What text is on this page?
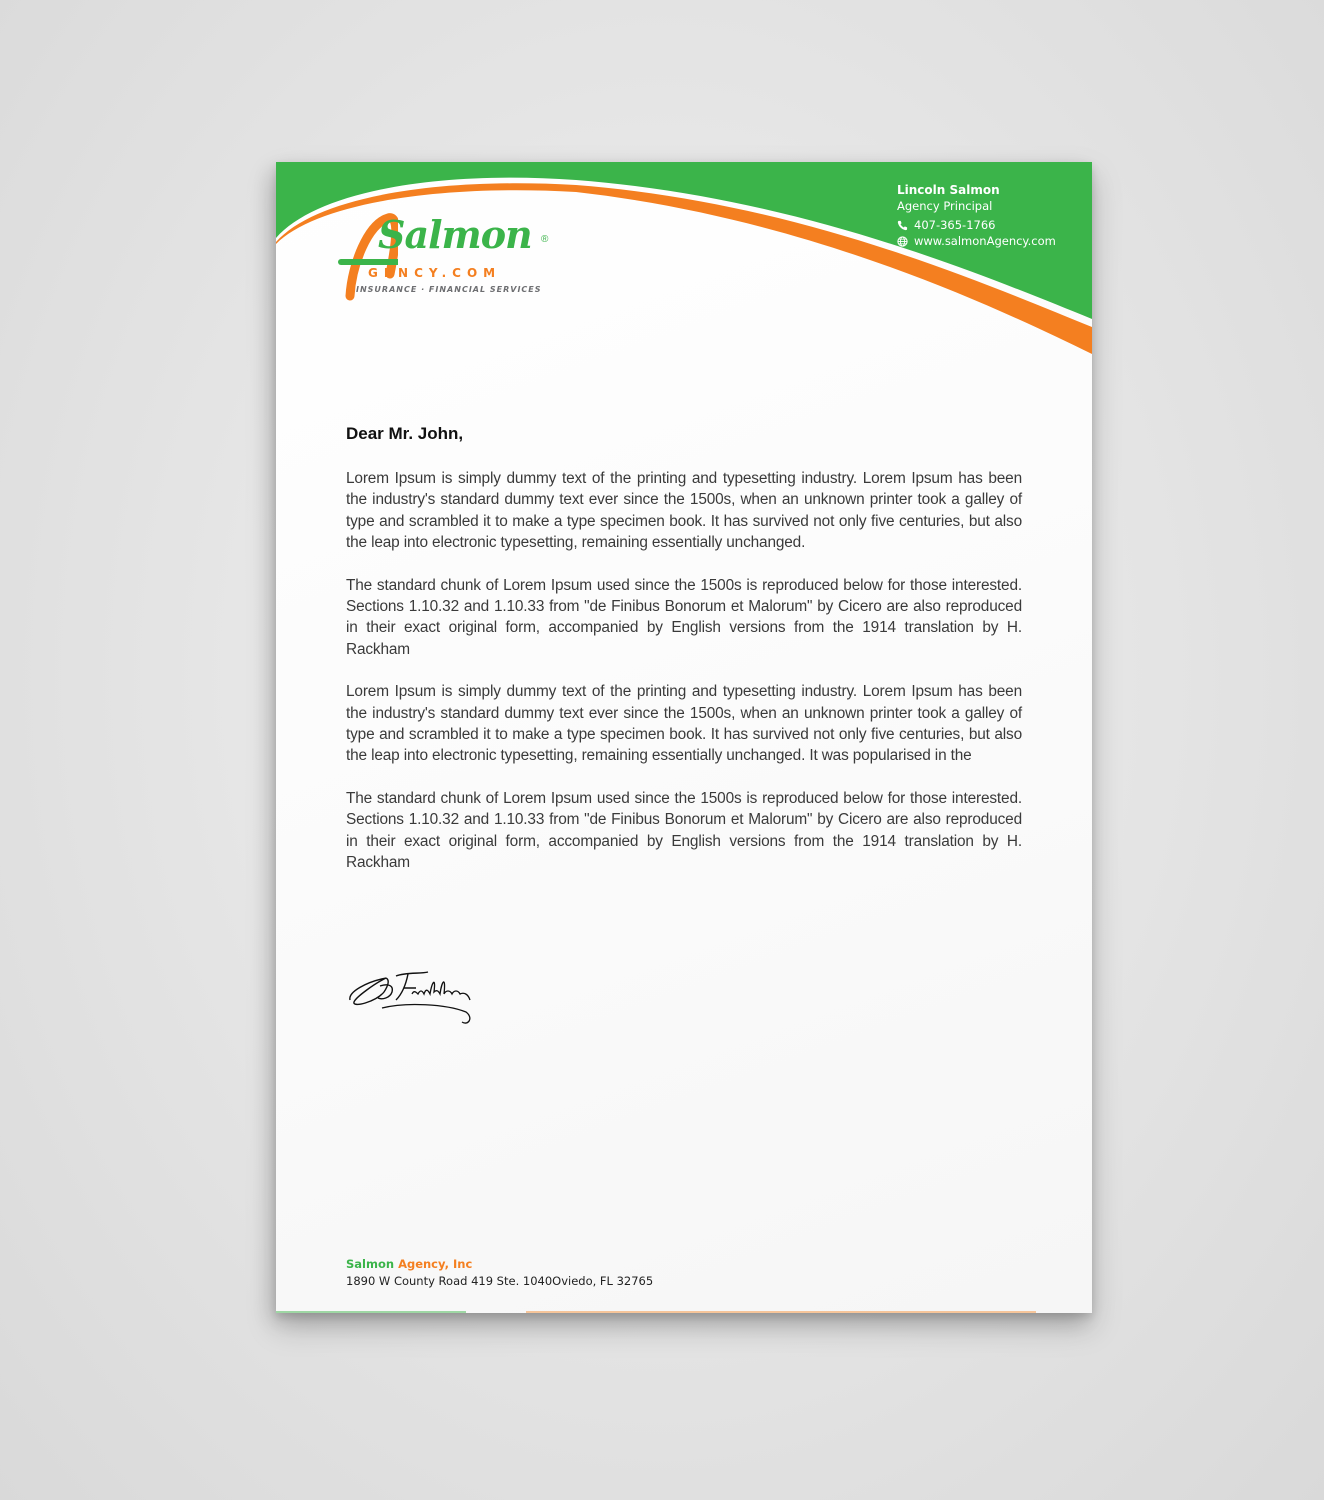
Salmon ®
GENCY.COM
INSURANCE · FINANCIAL SERVICES
Lincoln Salmon
Agency Principal
407-365-1766
www.salmonAgency.com

Dear Mr. John,

Lorem Ipsum is simply dummy text of the printing and typesetting industry. Lorem Ipsum has been the industry's standard dummy text ever since the 1500s, when an unknown printer took a galley of type and scrambled it to make a type specimen book. It has survived not only five centuries, but also the leap into electronic typesetting, remaining essentially unchanged.

The standard chunk of Lorem Ipsum used since the 1500s is reproduced below for those interested. Sections 1.10.32 and 1.10.33 from "de Finibus Bonorum et Malorum" by Cicero are also reproduced in their exact original form, accompanied by English versions from the 1914 translation by H. Rackham

Lorem Ipsum is simply dummy text of the printing and typesetting industry. Lorem Ipsum has been the industry's standard dummy text ever since the 1500s, when an unknown printer took a galley of type and scrambled it to make a type specimen book. It has survived not only five centuries, but also the leap into electronic typesetting, remaining essentially unchanged. It was popularised in the

The standard chunk of Lorem Ipsum used since the 1500s is reproduced below for those interested. Sections 1.10.32 and 1.10.33 from "de Finibus Bonorum et Malorum" by Cicero are also reproduced in their exact original form, accompanied by English versions from the 1914 translation by H. Rackham

Salmon Agency, Inc
1890 W County Road 419 Ste. 1040Oviedo, FL 32765
